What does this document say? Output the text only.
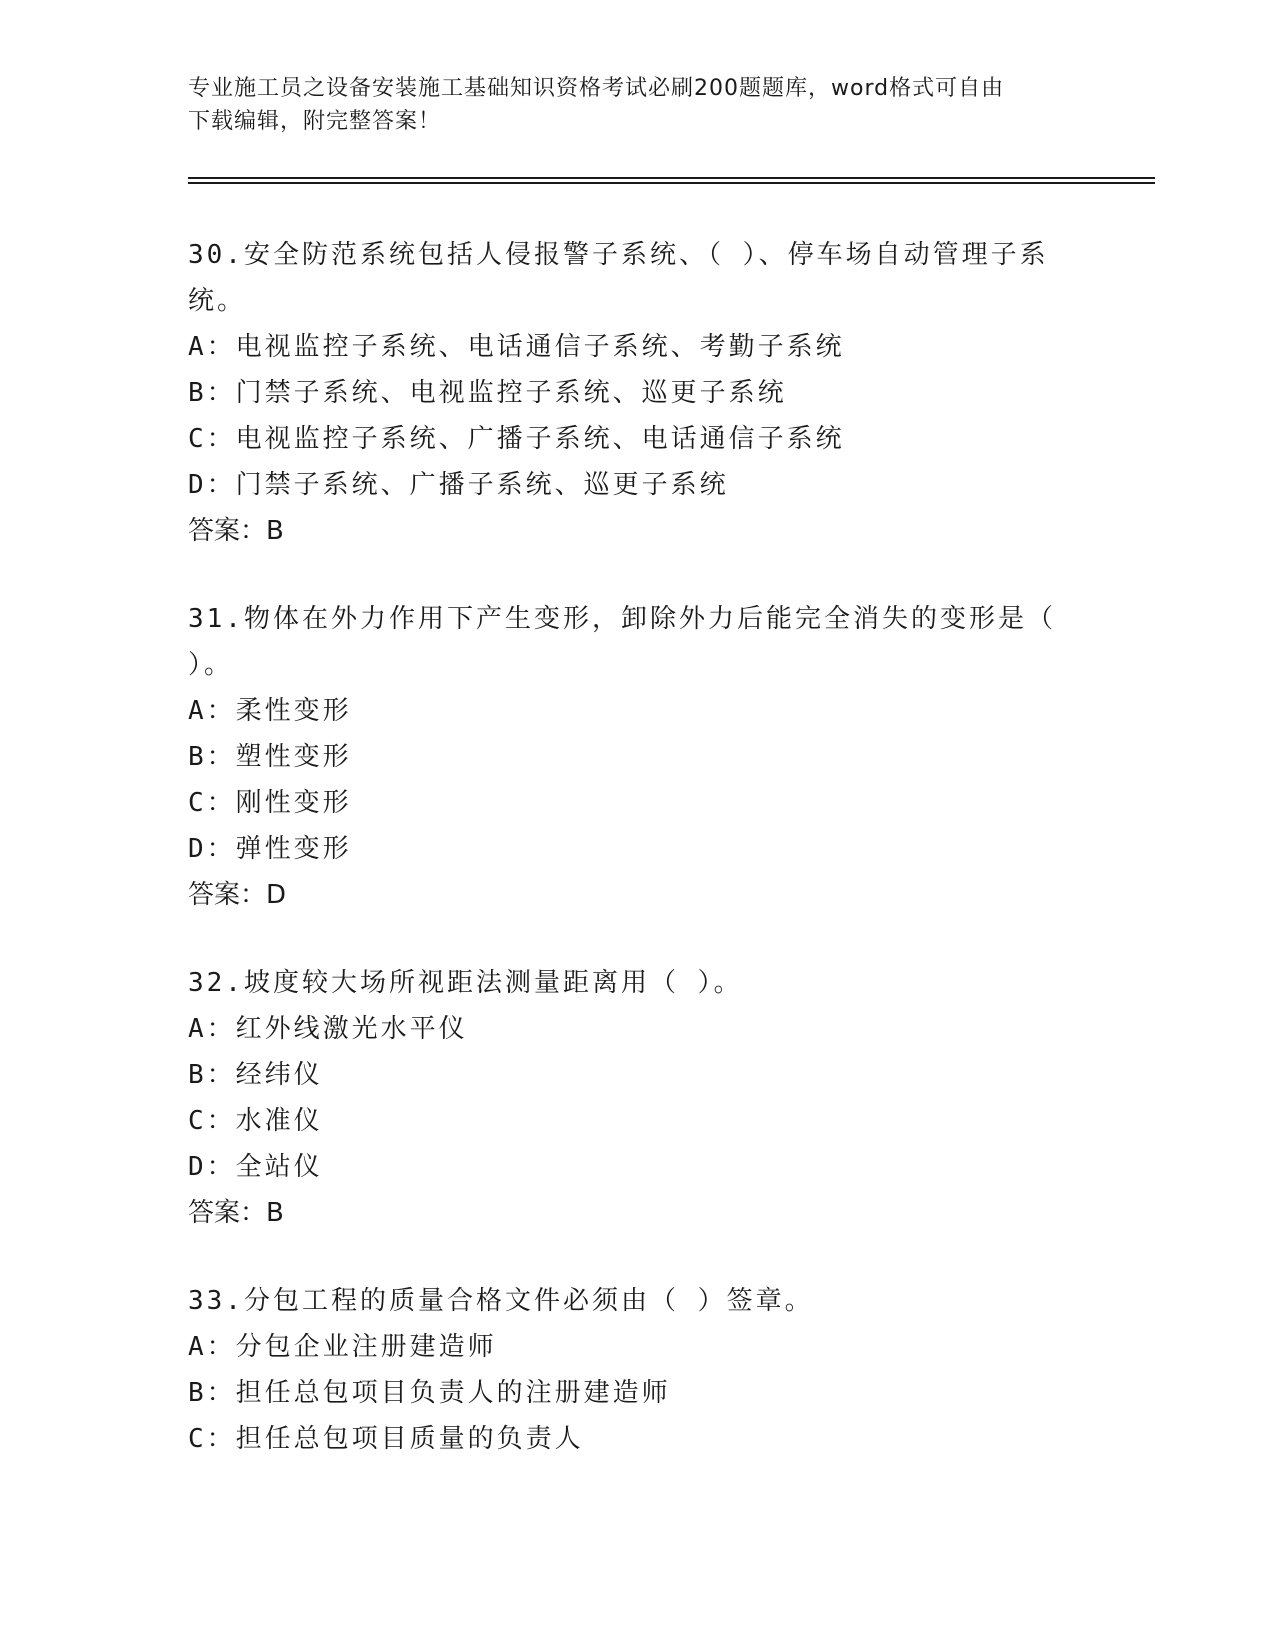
专业施工员之设备安装施工基础知识资格考试必刷200题题库，word格式可自由
下载编辑，附完整答案！

30.安全防范系统包括人侵报警子系统、（ ）、停车场自动管理子系统。

A：电视监控子系统、电话通信子系统、考勤子系统

B：门禁子系统、电视监控子系统、巡更子系统

C：电视监控子系统、广播子系统、电话通信子系统

D：门禁子系统、广播子系统、巡更子系统

答案：B

31.物体在外力作用下产生变形，卸除外力后能完全消失的变形是（ ）。

A：柔性变形

B：塑性变形

C：刚性变形

D：弹性变形

答案：D

32.坡度较大场所视距法测量距离用（ ）。

A：红外线激光水平仪

B：经纬仪

C：水准仪

D：全站仪

答案：B

33.分包工程的质量合格文件必须由（ ）签章。

A：分包企业注册建造师

B：担任总包项目负责人的注册建造师

C：担任总包项目质量的负责人
